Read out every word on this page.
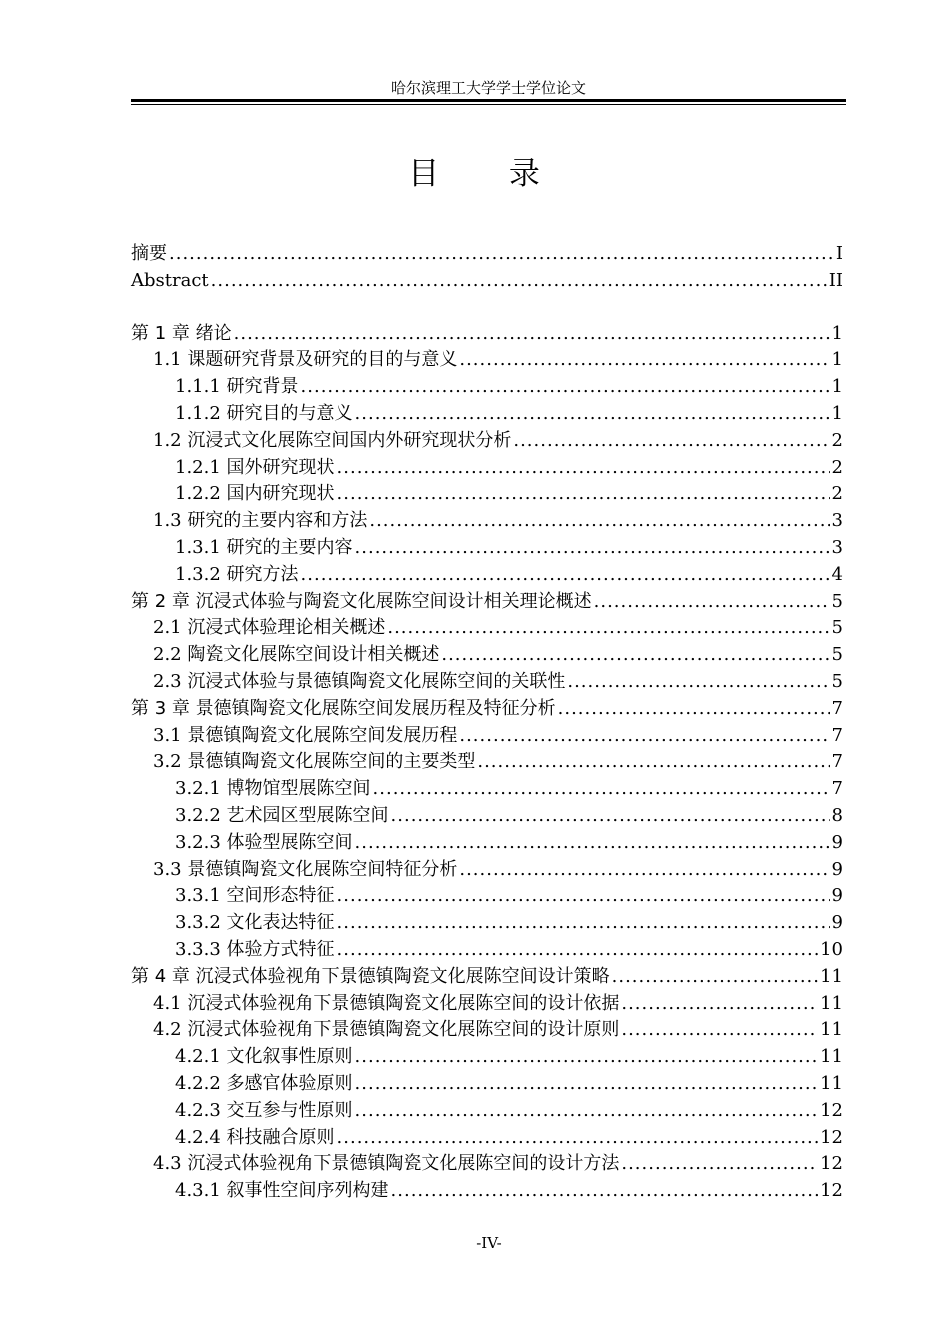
哈尔滨理工大学学士学位论文
目 录
摘要 .....	I
Abstract .....	II
第 1 章 绪论 .....	1
1.1 课题研究背景及研究的目的与意义 .....	1
1.1.1 研究背景 .....	1
1.1.2 研究目的与意义 .....	1
1.2 沉浸式文化展陈空间国内外研究现状分析 .....	2
1.2.1 国外研究现状 .....	2
1.2.2 国内研究现状 .....	2
1.3 研究的主要内容和方法 .....	3
1.3.1 研究的主要内容 .....	3
1.3.2 研究方法 .....	4
第 2 章 沉浸式体验与陶瓷文化展陈空间设计相关理论概述 .....	5
2.1 沉浸式体验理论相关概述 .....	5
2.2 陶瓷文化展陈空间设计相关概述 .....	5
2.3 沉浸式体验与景德镇陶瓷文化展陈空间的关联性 .....	5
第 3 章 景德镇陶瓷文化展陈空间发展历程及特征分析 .....	7
3.1 景德镇陶瓷文化展陈空间发展历程 .....	7
3.2 景德镇陶瓷文化展陈空间的主要类型 .....	7
3.2.1 博物馆型展陈空间 .....	7
3.2.2 艺术园区型展陈空间 .....	8
3.2.3 体验型展陈空间 .....	9
3.3 景德镇陶瓷文化展陈空间特征分析 .....	9
3.3.1 空间形态特征 .....	9
3.3.2 文化表达特征 .....	9
3.3.3 体验方式特征 .....	10
第 4 章 沉浸式体验视角下景德镇陶瓷文化展陈空间设计策略 .....	11
4.1 沉浸式体验视角下景德镇陶瓷文化展陈空间的设计依据 .....	11
4.2 沉浸式体验视角下景德镇陶瓷文化展陈空间的设计原则 .....	11
4.2.1 文化叙事性原则 .....	11
4.2.2 多感官体验原则 .....	11
4.2.3 交互参与性原则 .....	12
4.2.4 科技融合原则 .....	12
4.3 沉浸式体验视角下景德镇陶瓷文化展陈空间的设计方法 .....	12
4.3.1 叙事性空间序列构建 .....	12
-IV-
